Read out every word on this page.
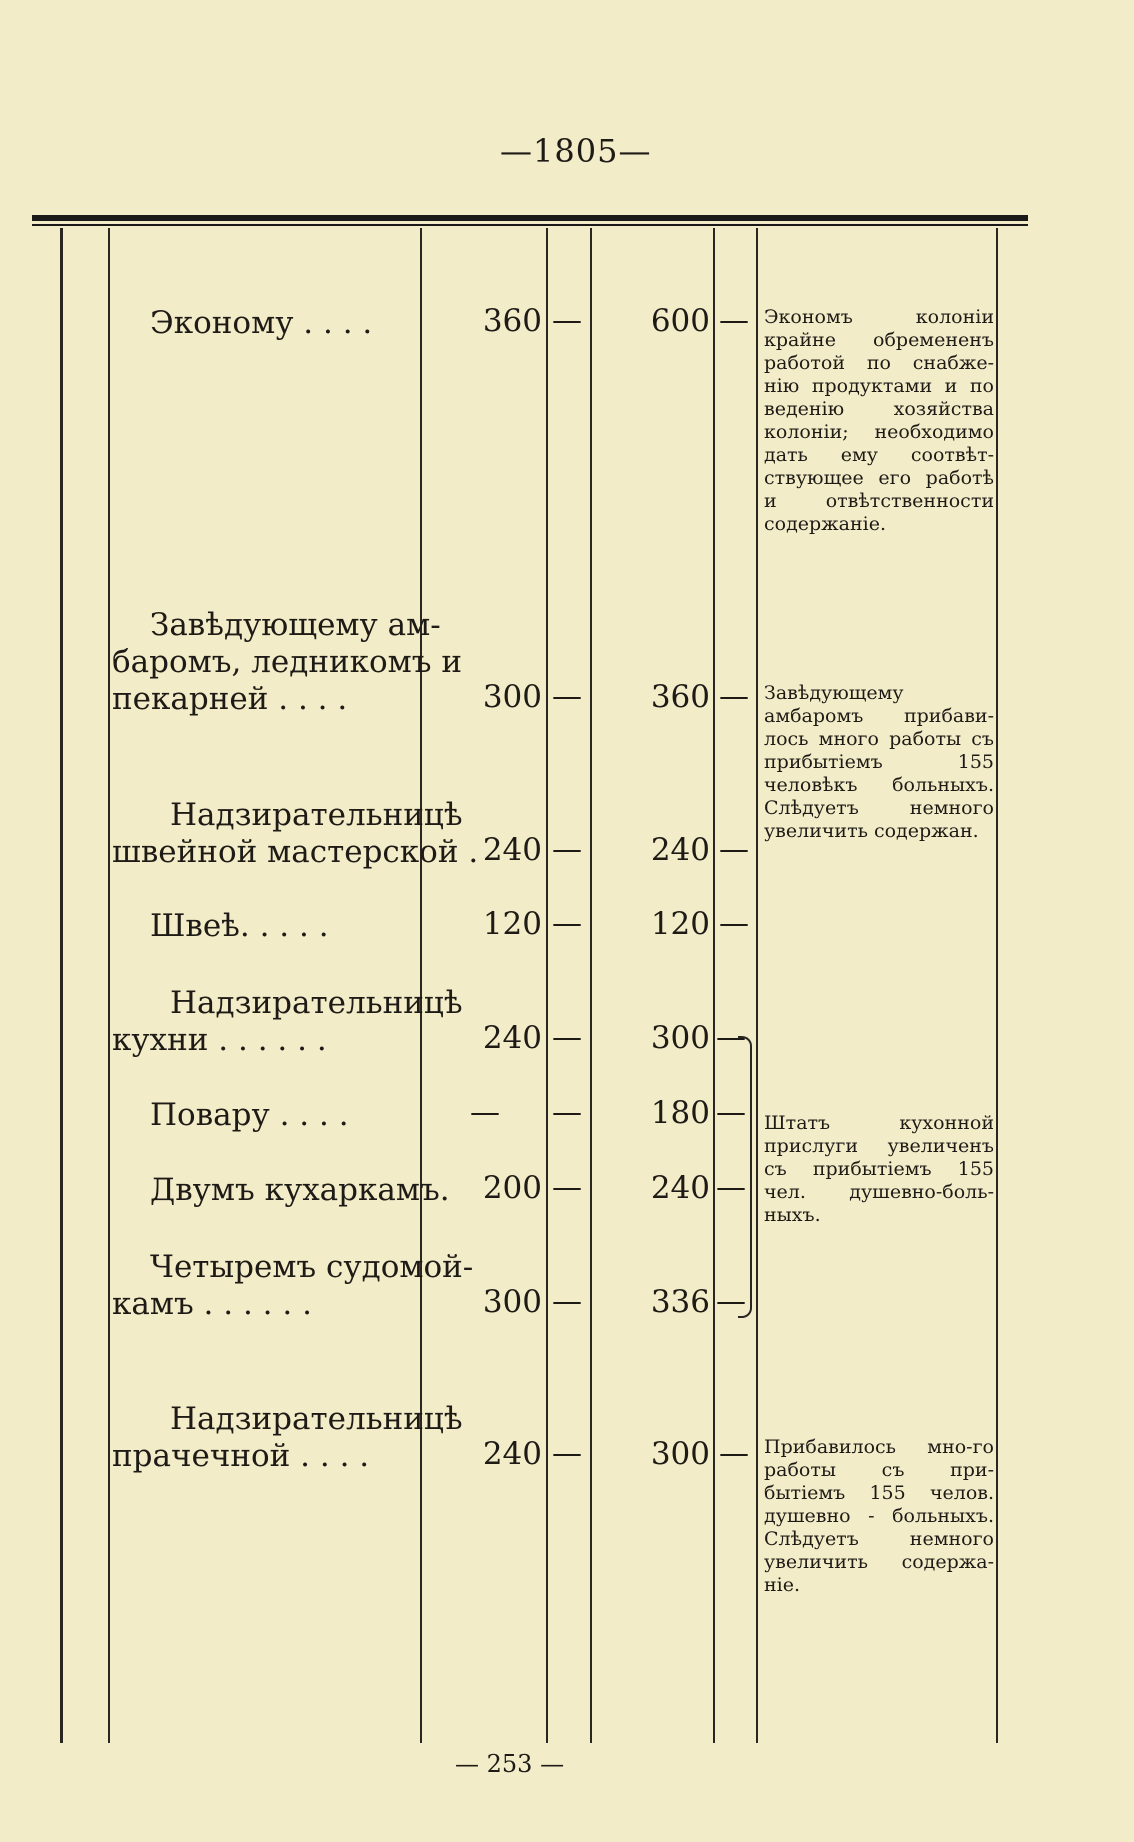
—1805—
Эконому . . . .	360 —	600 — Экономъ колоніи крайне обремененъ работой по снабже-нію продуктами и по веденію хозяйства колоніи; необходимо дать ему соотвѣт-ствующее его работѣ и отвѣтственности содержаніе.
Завѣдующему ам-
баромъ, ледникомъ и
пекарней . . . .	300 —	360 — Завѣдующему амбаромъ прибави-лось много работы съ прибытіемъ 155 человѣкъ больныхъ. Слѣдуетъ немного увеличить содержан.
Надзирательницѣ
швейной мастерской . 240 —	240 —
Швеѣ. . . . .	120 —	120 —
Надзирательницѣ
кухни . . . . . .	240 —	300 —
Повару . . . .	— —	180 —
Двумъ кухаркамъ.	200 —	240 —
Четыремъ судомой-
камъ . . . . . .	300 —	336 —
Штатъ кухонной прислуги увеличенъ съ прибытіемъ 155 чел. душевно-боль-ныхъ.
Надзирательницѣ
прачечной . . . .	240 —	300 — Прибавилось мно-го работы съ при-бытіемъ 155 челов. душевно - больныхъ. Слѣдуетъ немного увеличить содержа-ніе.
— 253 —
